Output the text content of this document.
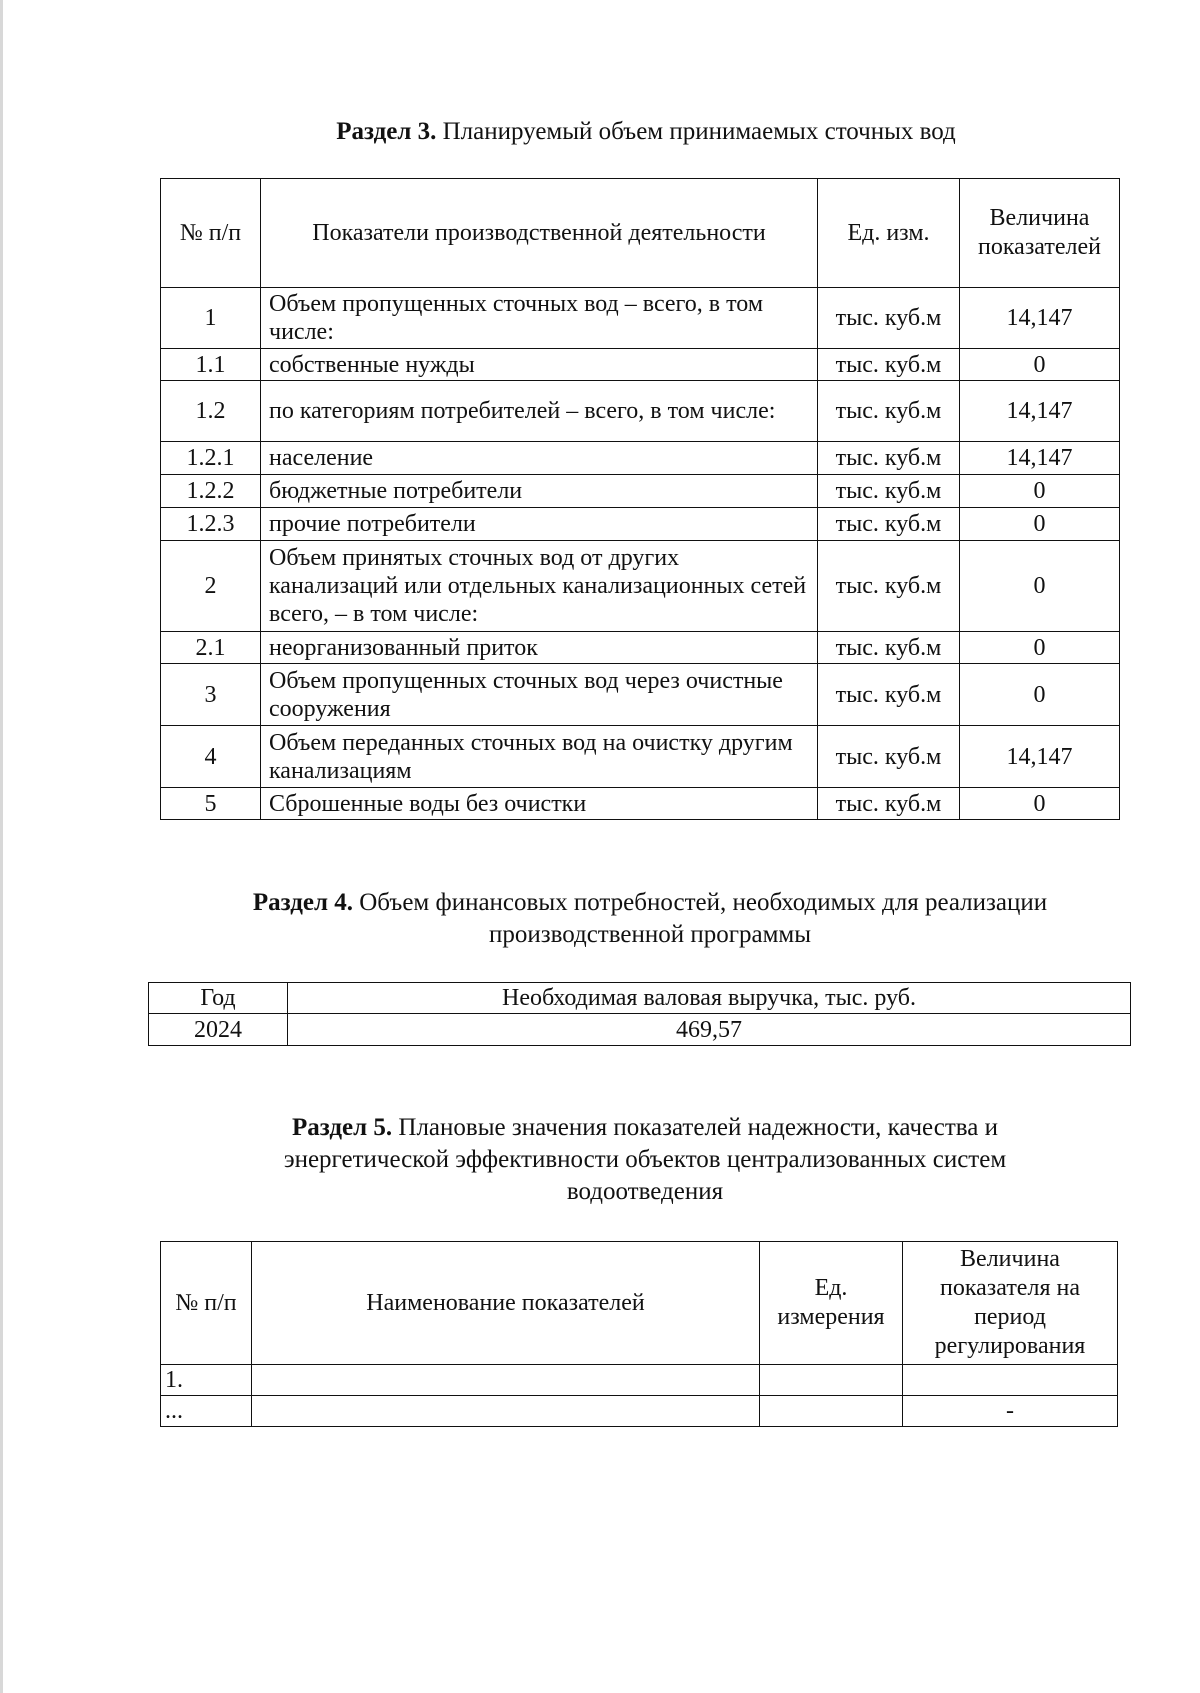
Раздел 3. Планируемый объем принимаемых сточных вод
№ п/п	Показатели производственной деятельности	Ед. изм.	Величина показателей
1	Объем пропущенных сточных вод – всего, в том числе:	тыс. куб.м	14,147
1.1	собственные нужды	тыс. куб.м	0
1.2	по категориям потребителей – всего, в том числе:	тыс. куб.м	14,147
1.2.1	население	тыс. куб.м	14,147
1.2.2	бюджетные потребители	тыс. куб.м	0
1.2.3	прочие потребители	тыс. куб.м	0
2	Объем принятых сточных вод от других канализаций или отдельных канализационных сетей всего, – в том числе:	тыс. куб.м	0
2.1	неорганизованный приток	тыс. куб.м	0
3	Объем пропущенных сточных вод через очистные сооружения	тыс. куб.м	0
4	Объем переданных сточных вод на очистку другим канализациям	тыс. куб.м	14,147
5	Сброшенные воды без очистки	тыс. куб.м	0
Раздел 4. Объем финансовых потребностей, необходимых для реализации производственной программы
Год	Необходимая валовая выручка, тыс. руб.
2024	469,57
Раздел 5. Плановые значения показателей надежности, качества и энергетической эффективности объектов централизованных систем водоотведения
№ п/п	Наименование показателей	Ед. измерения	Величина показателя на период регулирования
1.			
...			-
